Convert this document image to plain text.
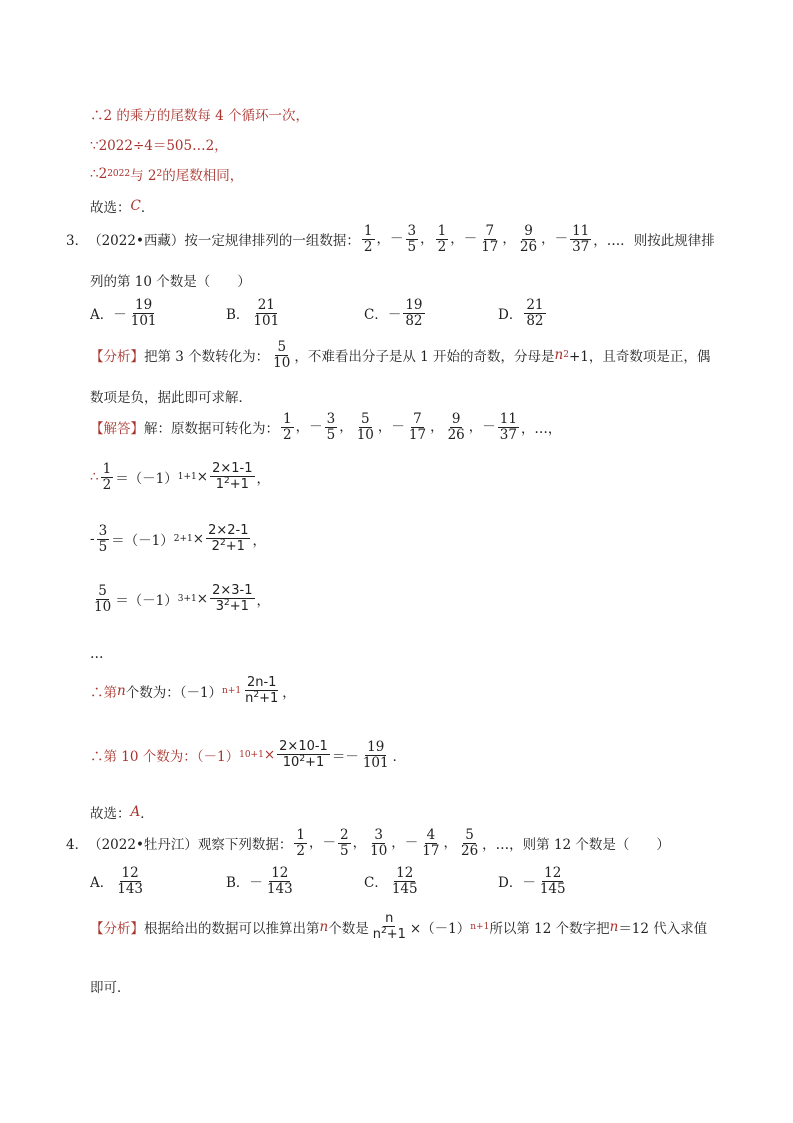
∴2 的乘方的尾数每 4 个循环一次，
∵2022÷4＝505…2，
∴2 2022 与 2 2 的尾数相同，
故选： C ．
3． （2022•西藏）按一定规律排列的一组数据： $\frac{1}{2}$ ，－ $\frac{3}{5}$ ， $\frac{1}{2}$ ，－ $\frac{7}{17}$ ， $\frac{9}{26}$ ，－ $\frac{11}{37}$ ，…．则按此规律排
列的第 10 个数是（　　）
A． － $\frac{19}{101}$	B． $\frac{21}{101}$	C． － $\frac{19}{82}$	D． $\frac{21}{82}$
【分析】 把第 3 个数转化为： $\frac{5}{10}$ ，不难看出分子是从 1 开始的奇数，分母是 n 2 +1，且奇数项是正，偶
数项是负，据此即可求解．
【解答】 解：原数据可转化为： $\frac{1}{2}$ ，－ $\frac{3}{5}$ ， $\frac{5}{10}$ ，－ $\frac{7}{17}$ ， $\frac{9}{26}$ ，－ $\frac{11}{37}$ ，…，
∴ $\frac{1}{2} =(-1) 1+1 \times \frac{2\times 1-1}{1^2+1}$ ，
- $\frac{3}{5} =(-1) 2+1 \times \frac{2\times 2-1}{2^2+1}$ ，
$\frac{5}{10} =(-1) 3+1 \times \frac{2\times 3-1}{3^2+1}$ ，
…
∴第 n 个数为：（－1） $n+1 \frac{2n-1}{n^2+1}$ ，
∴第 10 个数为：（－1） $10+1 \times \frac{2\times 10-1}{10^2+1} =- \frac{19}{101}$ ．
故选： A ．
4． （2022•牡丹江）观察下列数据： $\frac{1}{2}$ ，－ $\frac{2}{5}$ ， $\frac{3}{10}$ ，－ $\frac{4}{17}$ ， $\frac{5}{26}$ ，…，则第 12 个数是（　　）
A． $\frac{12}{143}$	B． － $\frac{12}{143}$	C． $\frac{12}{145}$	D． － $\frac{12}{145}$
【分析】 根据给出的数据可以推算出第 n 个数是 $\frac{n}{n^2+1} \times(-1)$ n+1 所以第 12 个数字把 n ＝12 代入求值
即可．
